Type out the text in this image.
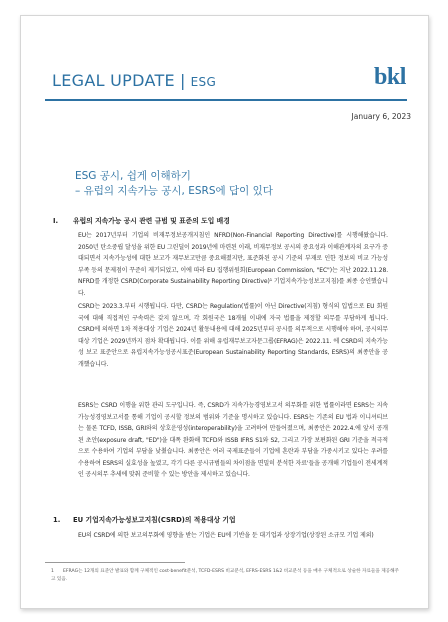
LEGAL UPDATE | ESG	bkl
January 6, 2023
ESG 공시, 쉽게 이해하기
– 유럽의 지속가능 공시, ESRS에 답이 있다
I. 유럽의 지속가능 공시 관련 규범 및 표준의 도입 배경
EU는 2017년부터 기업의 비재무정보공개지침인 NFRD(Non-Financial Reporting Directive)를 시행해왔습니다. 2050년 탄소중립 달성을 위한 EU 그린딜이 2019년에 마련된 이래, 비재무정보 공시의 중요성과 이해관계자의 요구가 증대되면서 지속가능성에 대한 보고가 재무보고만큼 중요해졌지만, 표준화된 공시 기준의 부재로 인한 정보의 비교 가능성 부족 등의 문제점이 꾸준히 제기되었고, 이에 따라 EU 집행위원회(European Commission, "EC")는 지난 2022.11.28. NFRD를 개정한 CSRD(Corporate Sustainability Reporting Directive)¹ 기업지속가능성보고지침)를 최종 승인했습니다.
CSRD는 2023.3.부터 시행됩니다. 다만, CSRD는 Regulation(법률)이 아닌 Directive(지침) 형식의 입법으로 EU 회원국에 대해 직접적인 구속력은 갖지 않으며, 각 회원국은 18개월 이내에 자국 법률을 제정할 의무를 부담하게 됩니다. CSRD에 의하면 1차 적용대상 기업은 2024년 활동내용에 대해 2025년부터 공시를 의무적으로 시행해야 하며, 공시의무 대상 기업은 2029년까지 점차 확대됩니다. 이를 위해 유럽재무보고자문그룹(EFRAG)은 2022.11. 에 CSRD의 지속가능성 보고 표준안으로 유럽지속가능성공시표준(European Sustainability Reporting Standards, ESRS)의 최종안을 공개했습니다.
ESRS는 CSRD 이행을 위한 관리 도구입니다. 즉, CSRD가 지속가능경영보고서 의무화를 위한 법률이라면 ESRS는 지속가능성경영보고서를 통해 기업이 공시할 정보의 범위와 기준을 명시하고 있습니다. ESRS는 기존의 EU 법과 이니셔티브는 물론 TCFD, ISSB, GRI와의 상호운영성(interoperability)을 고려하여 만들어졌으며, 최종안은 2022.4.에 앞서 공개된 초안(exposure draft, "ED")을 대폭 완화해 TCFD와 ISSB IFRS S1와 S2, 그리고 가장 보편화된 GRI 기준을 적극적으로 수용하여 기업의 부담을 낮췄습니다. 최종안은 여러 국제표준들이 기업에 혼란과 부담을 가중시키고 있다는 우려를 수용하여 ESRS의 실효성을 높였고, 각기 다른 공시규범들의 차이점을 면밀히 분석한 자료'들을 공개해 기업들이 전세계적인 공시의무 추세에 맞춰 준비할 수 있는 방안을 제시하고 있습니다.
1. EU 기업지속가능성보고지침(CSRD)의 적용대상 기업
EU의 CSRD에 의한 보고의무화에 영향을 받는 기업은 EU에 기반을 둔 대기업과 상장기업(상장된 소규모 기업 제외)
1 EFRAG는 12개의 표준안 발표와 함께 구체적인 cost-benefit분석, TCFD-ESRS 비교분석, EFRS-ESRS 1&2 비교분석 등을 매우 구체적으로 상술한 자료들을 제공해주고 있음.
